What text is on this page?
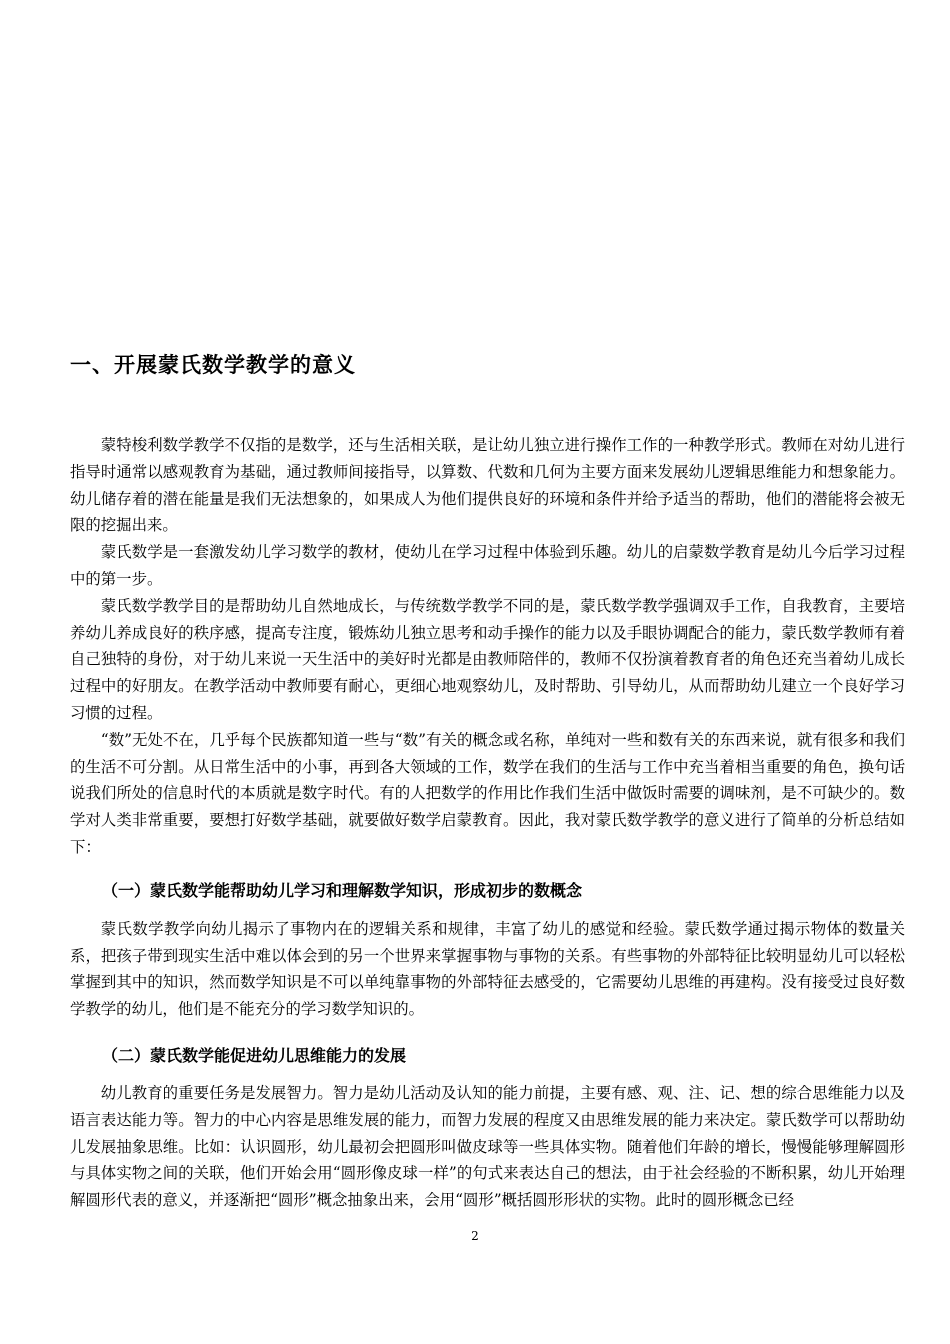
一、开展蒙氏数学教学的意义

蒙特梭利数学教学不仅指的是数学，还与生活相关联，是让幼儿独立进行操作工作的一种教学形式。教师在对幼儿进行指导时通常以感观教育为基础，通过教师间接指导，以算数、代数和几何为主要方面来发展幼儿逻辑思维能力和想象能力。幼儿储存着的潜在能量是我们无法想象的，如果成人为他们提供良好的环境和条件并给予适当的帮助，他们的潜能将会被无限的挖掘出来。

蒙氏数学是一套激发幼儿学习数学的教材，使幼儿在学习过程中体验到乐趣。幼儿的启蒙数学教育是幼儿今后学习过程中的第一步。

蒙氏数学教学目的是帮助幼儿自然地成长，与传统数学教学不同的是，蒙氏数学教学强调双手工作，自我教育，主要培养幼儿养成良好的秩序感，提高专注度，锻炼幼儿独立思考和动手操作的能力以及手眼协调配合的能力，蒙氏数学教师有着自己独特的身份，对于幼儿来说一天生活中的美好时光都是由教师陪伴的，教师不仅扮演着教育者的角色还充当着幼儿成长过程中的好朋友。在教学活动中教师要有耐心，更细心地观察幼儿，及时帮助、引导幼儿，从而帮助幼儿建立一个良好学习习惯的过程。

“数”无处不在，几乎每个民族都知道一些与“数”有关的概念或名称，单纯对一些和数有关的东西来说，就有很多和我们的生活不可分割。从日常生活中的小事，再到各大领域的工作，数学在我们的生活与工作中充当着相当重要的角色，换句话说我们所处的信息时代的本质就是数字时代。有的人把数学的作用比作我们生活中做饭时需要的调味剂，是不可缺少的。数学对人类非常重要，要想打好数学基础，就要做好数学启蒙教育。因此，我对蒙氏数学教学的意义进行了简单的分析总结如下：

（一）蒙氏数学能帮助幼儿学习和理解数学知识，形成初步的数概念

蒙氏数学教学向幼儿揭示了事物内在的逻辑关系和规律，丰富了幼儿的感觉和经验。蒙氏数学通过揭示物体的数量关系，把孩子带到现实生活中难以体会到的另一个世界来掌握事物与事物的关系。有些事物的外部特征比较明显幼儿可以轻松掌握到其中的知识，然而数学知识是不可以单纯靠事物的外部特征去感受的，它需要幼儿思维的再建构。没有接受过良好数学教学的幼儿，他们是不能充分的学习数学知识的。

（二）蒙氏数学能促进幼儿思维能力的发展

幼儿教育的重要任务是发展智力。智力是幼儿活动及认知的能力前提，主要有感、观、注、记、想的综合思维能力以及语言表达能力等。智力的中心内容是思维发展的能力，而智力发展的程度又由思维发展的能力来决定。蒙氏数学可以帮助幼儿发展抽象思维。比如：认识圆形，幼儿最初会把圆形叫做皮球等一些具体实物。随着他们年龄的增长，慢慢能够理解圆形与具体实物之间的关联，他们开始会用“圆形像皮球一样”的句式来表达自己的想法，由于社会经验的不断积累，幼儿开始理解圆形代表的意义，并逐渐把“圆形”概念抽象出来，会用“圆形”概括圆形形状的实物。此时的圆形概念已经

2
